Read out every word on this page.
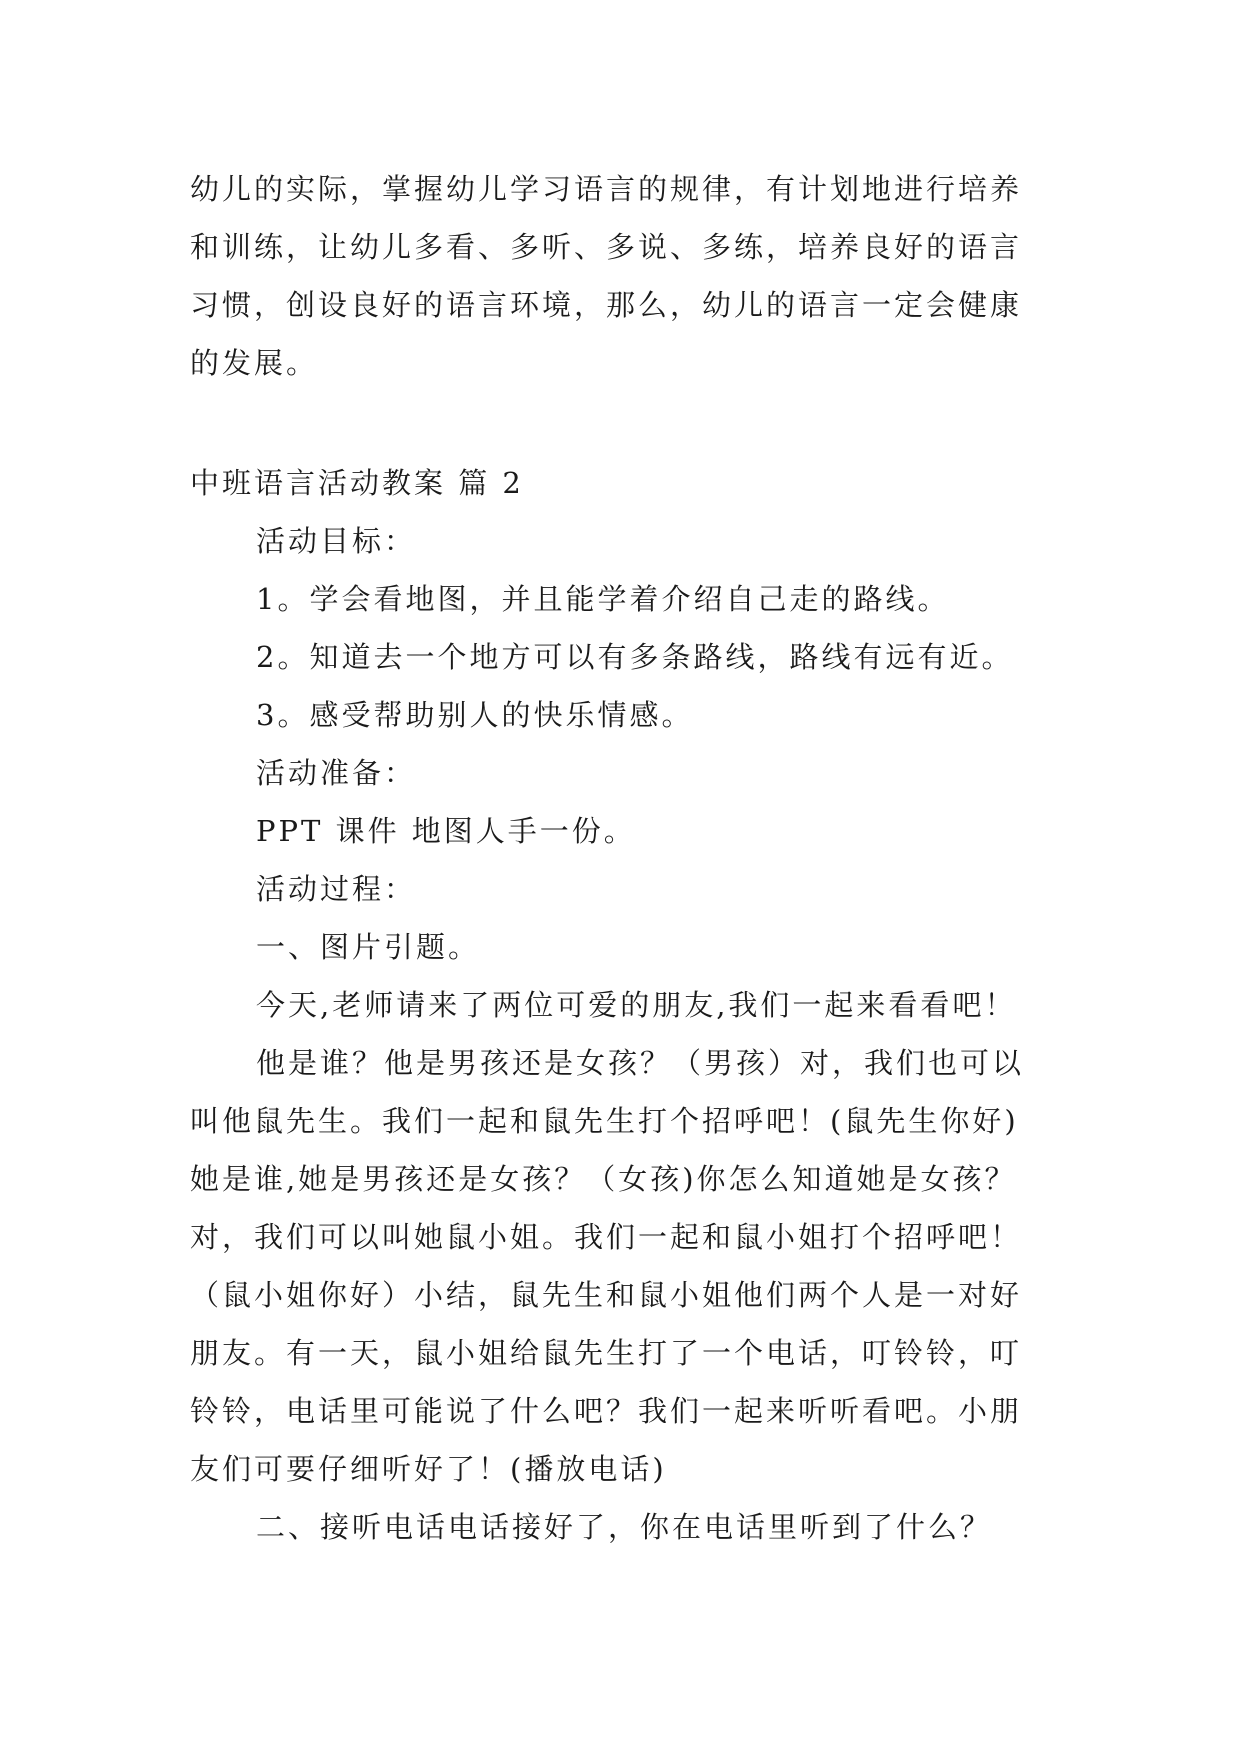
幼儿的实际，掌握幼儿学习语言的规律，有计划地进行培养

和训练，让幼儿多看、多听、多说、多练，培养良好的语言

习惯，创设良好的语言环境，那么，幼儿的语言一定会健康

的发展。

中班语言活动教案 篇 2

活动目标：

1。学会看地图，并且能学着介绍自己走的路线。

2。知道去一个地方可以有多条路线，路线有远有近。

3。感受帮助别人的快乐情感。

活动准备：

PPT 课件 地图人手一份。

活动过程：

一、图片引题。

今天,老师请来了两位可爱的朋友,我们一起来看看吧！

他是谁？他是男孩还是女孩？（男孩）对，我们也可以

叫他鼠先生。我们一起和鼠先生打个招呼吧！(鼠先生你好)

她是谁,她是男孩还是女孩？（女孩)你怎么知道她是女孩？

对，我们可以叫她鼠小姐。我们一起和鼠小姐打个招呼吧！

（鼠小姐你好）小结，鼠先生和鼠小姐他们两个人是一对好

朋友。有一天，鼠小姐给鼠先生打了一个电话，叮铃铃，叮

铃铃，电话里可能说了什么吧？我们一起来听听看吧。小朋

友们可要仔细听好了！(播放电话)

二、接听电话电话接好了，你在电话里听到了什么？
